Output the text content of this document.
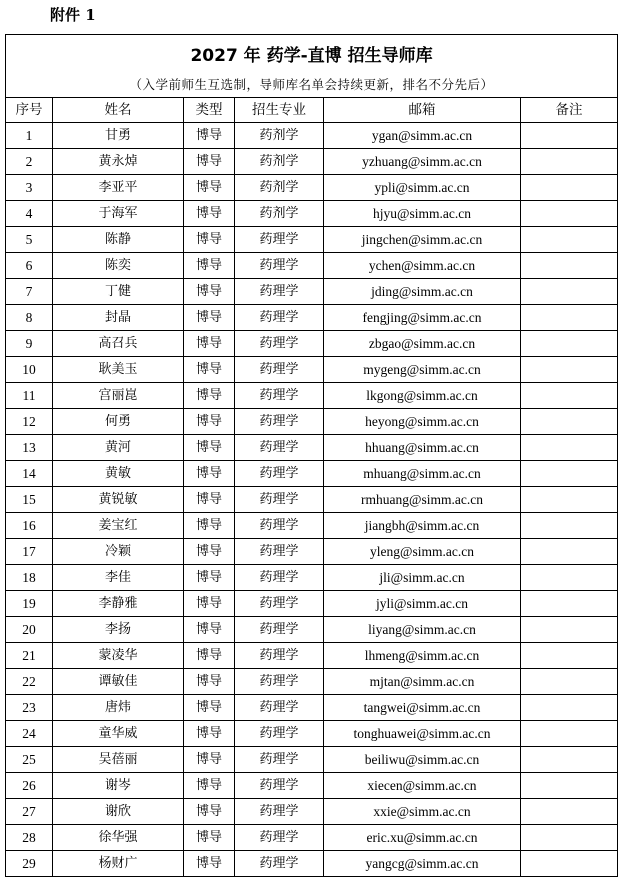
附件 1
2027 年 药学-直博 招生导师库					
（入学前师生互选制，导师库名单会持续更新，排名不分先后）					
序号	姓名	类型	招生专业	邮箱	备注
1	甘勇	博导	药剂学	ygan@simm.ac.cn	
2	黄永焯	博导	药剂学	yzhuang@simm.ac.cn	
3	李亚平	博导	药剂学	ypli@simm.ac.cn	
4	于海军	博导	药剂学	hjyu@simm.ac.cn	
5	陈静	博导	药理学	jingchen@simm.ac.cn	
6	陈奕	博导	药理学	ychen@simm.ac.cn	
7	丁健	博导	药理学	jding@simm.ac.cn	
8	封晶	博导	药理学	fengjing@simm.ac.cn	
9	高召兵	博导	药理学	zbgao@simm.ac.cn	
10	耿美玉	博导	药理学	mygeng@simm.ac.cn	
11	宫丽崑	博导	药理学	lkgong@simm.ac.cn	
12	何勇	博导	药理学	heyong@simm.ac.cn	
13	黄河	博导	药理学	hhuang@simm.ac.cn	
14	黄敏	博导	药理学	mhuang@simm.ac.cn	
15	黄锐敏	博导	药理学	rmhuang@simm.ac.cn	
16	姜宝红	博导	药理学	jiangbh@simm.ac.cn	
17	冷颖	博导	药理学	yleng@simm.ac.cn	
18	李佳	博导	药理学	jli@simm.ac.cn	
19	李静雅	博导	药理学	jyli@simm.ac.cn	
20	李扬	博导	药理学	liyang@simm.ac.cn	
21	蒙凌华	博导	药理学	lhmeng@simm.ac.cn	
22	谭敏佳	博导	药理学	mjtan@simm.ac.cn	
23	唐炜	博导	药理学	tangwei@simm.ac.cn	
24	童华威	博导	药理学	tonghuawei@simm.ac.cn	
25	吴蓓丽	博导	药理学	beiliwu@simm.ac.cn	
26	谢岑	博导	药理学	xiecen@simm.ac.cn	
27	谢欣	博导	药理学	xxie@simm.ac.cn	
28	徐华强	博导	药理学	eric.xu@simm.ac.cn	
29	杨财广	博导	药理学	yangcg@simm.ac.cn	
